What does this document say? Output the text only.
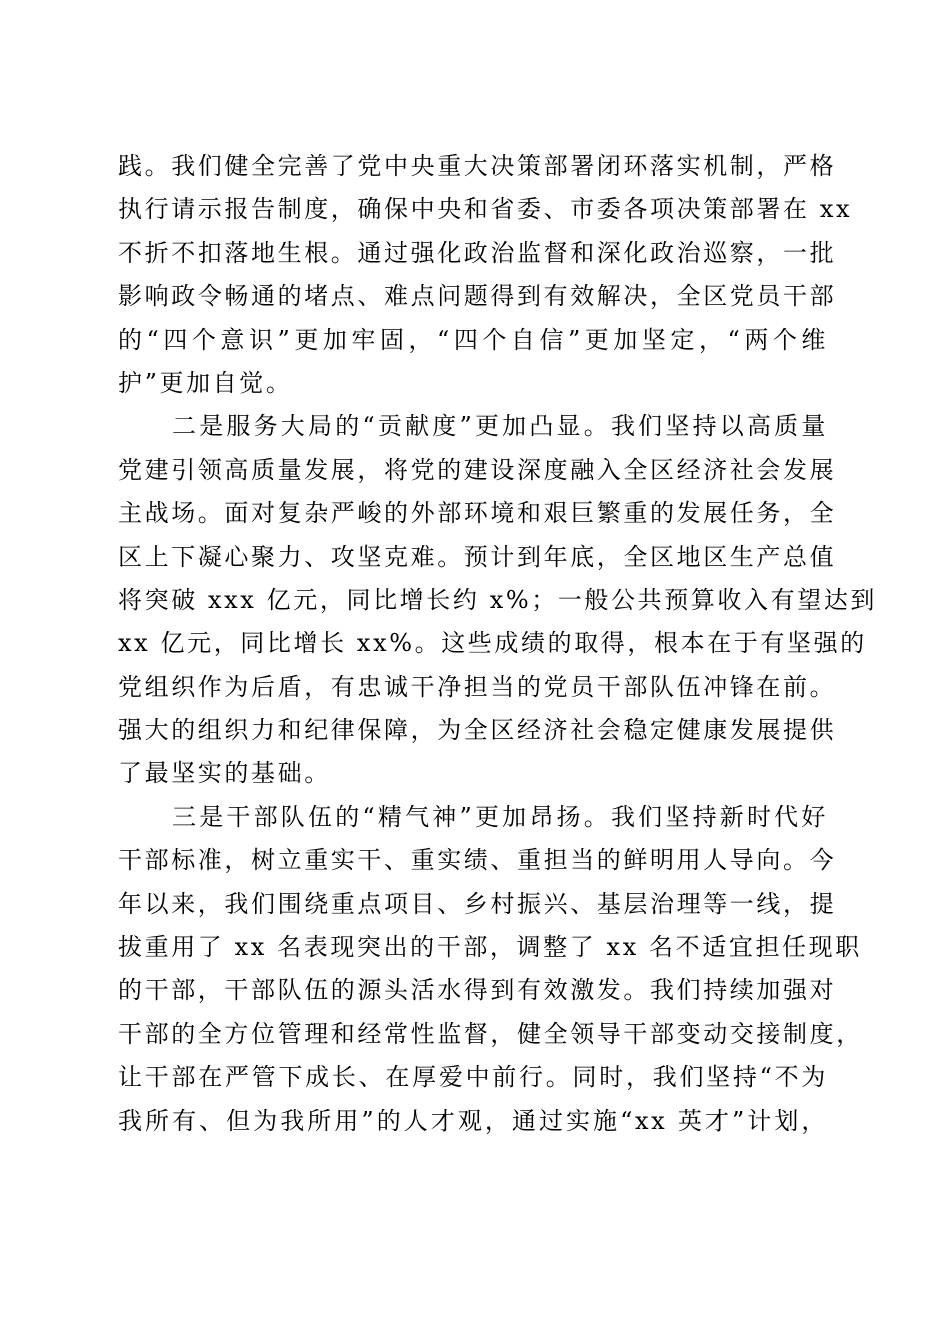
践。我们健全完善了党中央重大决策部署闭环落实机制，严格
执行请示报告制度，确保中央和省委、市委各项决策部署在 xx
不折不扣落地生根。通过强化政治监督和深化政治巡察，一批
影响政令畅通的堵点、难点问题得到有效解决，全区党员干部
的“四个意识”更加牢固，“四个自信”更加坚定，“两个维
护”更加自觉。
二是服务大局的“贡献度”更加凸显。我们坚持以高质量
党建引领高质量发展，将党的建设深度融入全区经济社会发展
主战场。面对复杂严峻的外部环境和艰巨繁重的发展任务，全
区上下凝心聚力、攻坚克难。预计到年底，全区地区生产总值
将突破 xxx 亿元，同比增长约 x%；一般公共预算收入有望达到
xx 亿元，同比增长 xx%。这些成绩的取得，根本在于有坚强的
党组织作为后盾，有忠诚干净担当的党员干部队伍冲锋在前。
强大的组织力和纪律保障，为全区经济社会稳定健康发展提供
了最坚实的基础。
三是干部队伍的“精气神”更加昂扬。我们坚持新时代好
干部标准，树立重实干、重实绩、重担当的鲜明用人导向。今
年以来，我们围绕重点项目、乡村振兴、基层治理等一线，提
拔重用了 xx 名表现突出的干部，调整了 xx 名不适宜担任现职
的干部，干部队伍的源头活水得到有效激发。我们持续加强对
干部的全方位管理和经常性监督，健全领导干部变动交接制度，
让干部在严管下成长、在厚爱中前行。同时，我们坚持“不为
我所有、但为我所用”的人才观，通过实施“xx 英才”计划，
